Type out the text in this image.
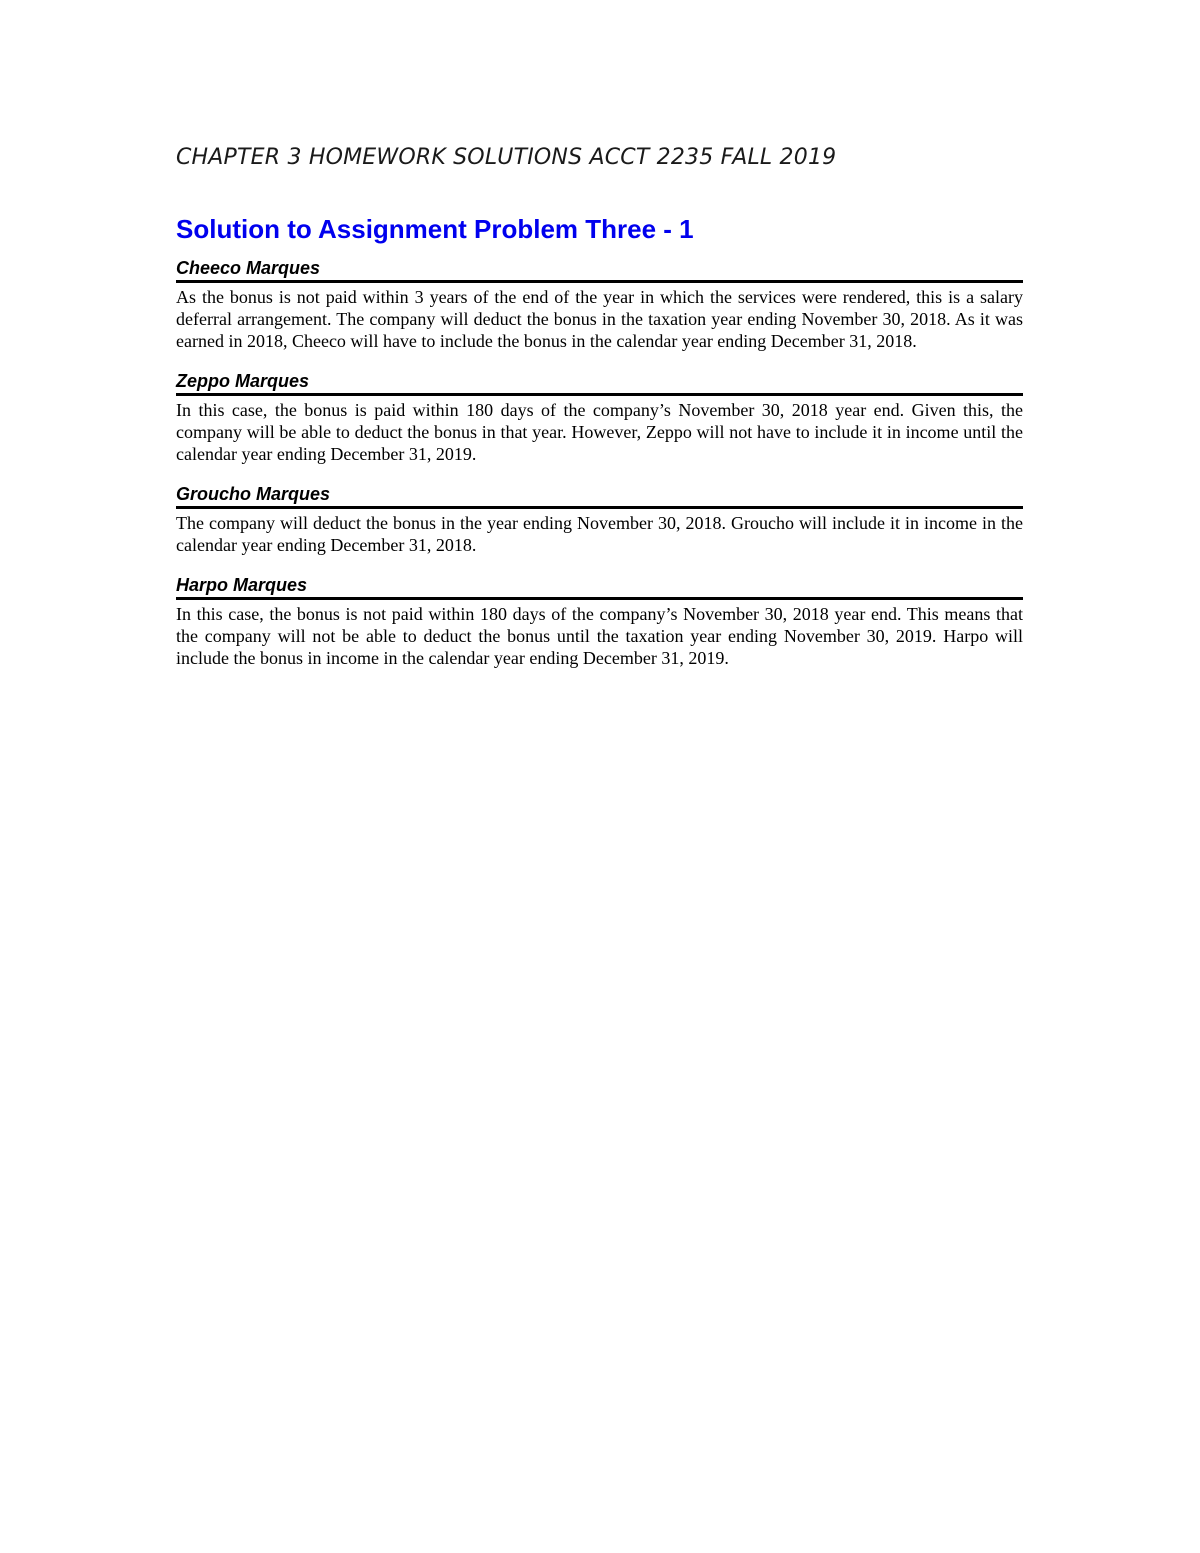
CHAPTER 3 HOMEWORK SOLUTIONS ACCT 2235 FALL 2019
Solution to Assignment Problem Three - 1
Cheeco Marques

As the bonus is not paid within 3 years of the end of the year in which the services were rendered, this is a salary deferral arrangement. The company will deduct the bonus in the taxation year ending November 30, 2018. As it was earned in 2018, Cheeco will have to include the bonus in the calendar year ending December 31, 2018.

Zeppo Marques

In this case, the bonus is paid within 180 days of the company’s November 30, 2018 year end. Given this, the company will be able to deduct the bonus in that year. However, Zeppo will not have to include it in income until the calendar year ending December 31, 2019.

Groucho Marques

The company will deduct the bonus in the year ending November 30, 2018. Groucho will include it in income in the calendar year ending December 31, 2018.

Harpo Marques

In this case, the bonus is not paid within 180 days of the company’s November 30, 2018 year end. This means that the company will not be able to deduct the bonus until the taxation year ending November 30, 2019. Harpo will include the bonus in income in the calendar year ending December 31, 2019.
